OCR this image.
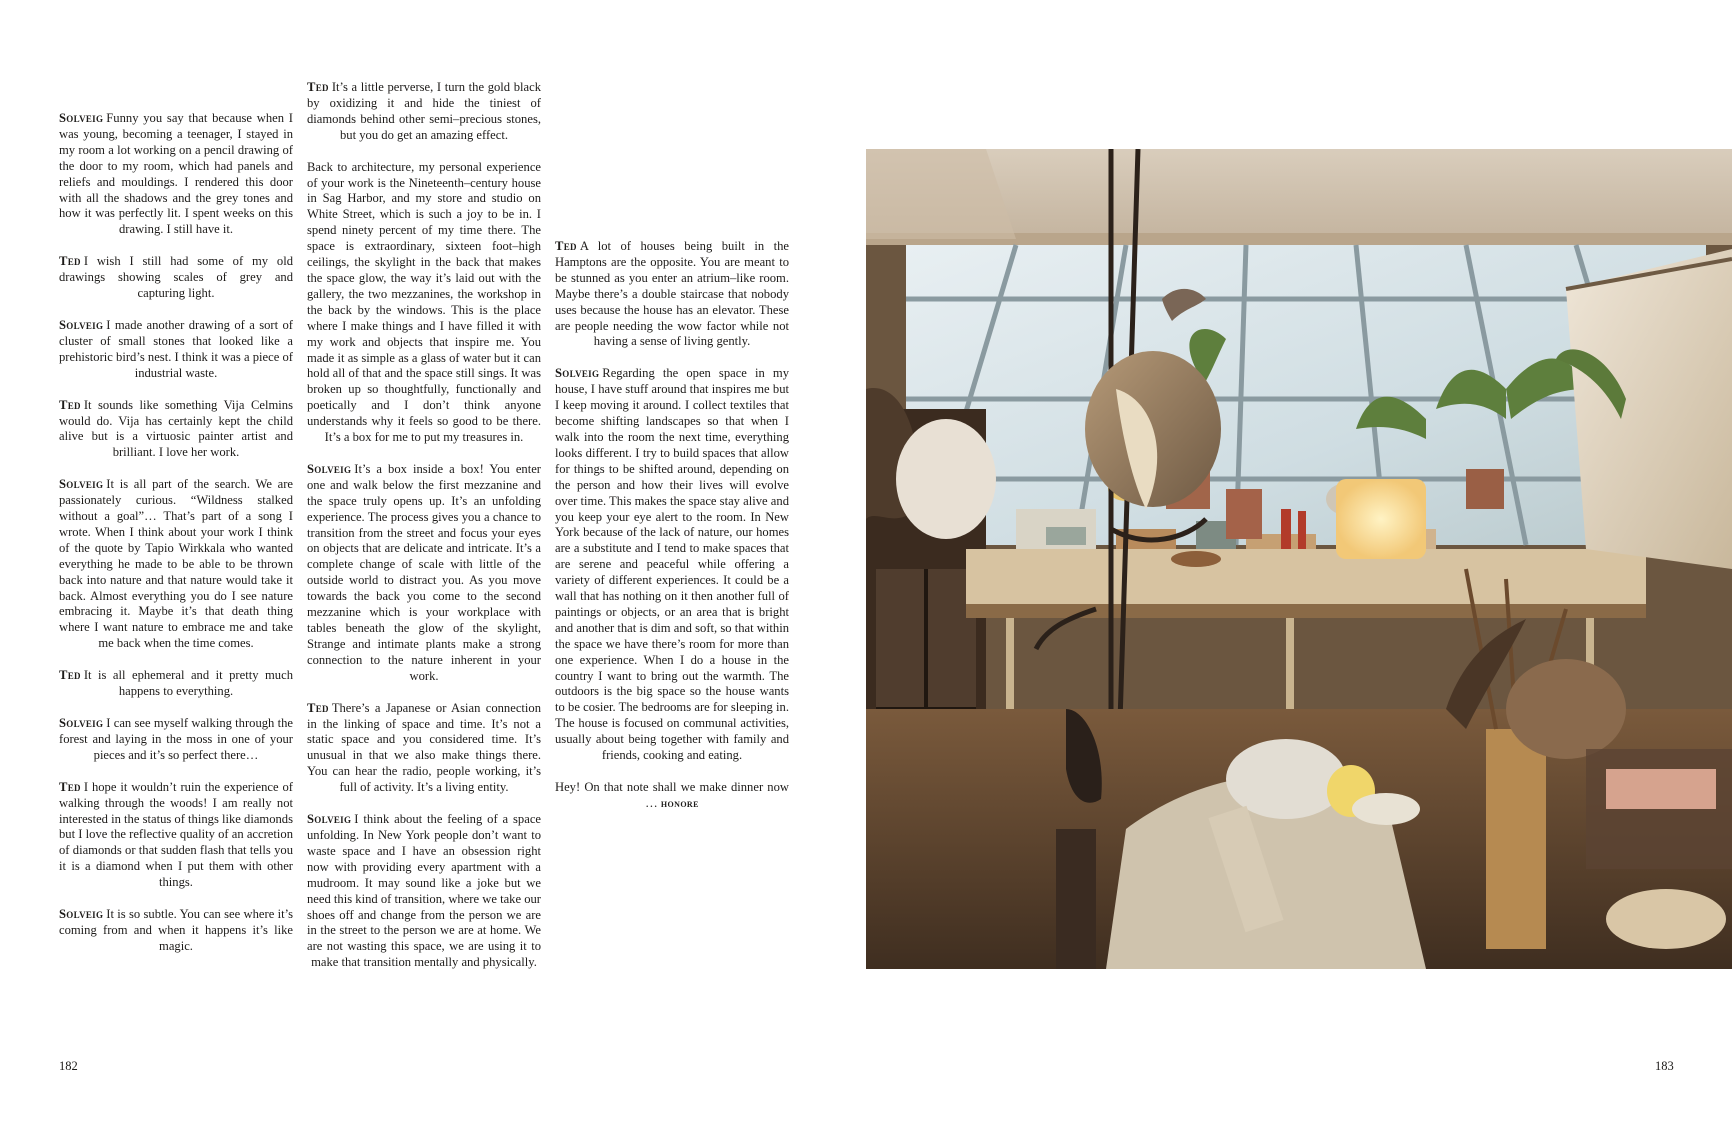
Solveig Funny you say that because when I was young, becoming a teenager, I stayed in my room a lot working on a pencil drawing of the door to my room, which had panels and reliefs and mouldings. I rendered this door with all the shadows and the grey tones and how it was perfectly lit. I spent weeks on this drawing. I still have it.

Ted I wish I still had some of my old drawings showing scales of grey and capturing light.

Solveig I made another drawing of a sort of cluster of small stones that looked like a prehistoric bird’s nest. I think it was a piece of industrial waste.

Ted It sounds like something Vija Celmins would do. Vija has certainly kept the child alive but is a virtuosic painter artist and brilliant. I love her work.

Solveig It is all part of the search. We are passionately curious. “Wildness stalked without a goal”… That’s part of a song I wrote. When I think about your work I think of the quote by Tapio Wirkkala who wanted everything he made to be able to be thrown back into nature and that nature would take it back. Almost everything you do I see nature embracing it. Maybe it’s that death thing where I want nature to embrace me and take me back when the time comes.

Ted It is all ephemeral and it pretty much happens to everything.

Solveig I can see myself walking through the forest and laying in the moss in one of your pieces and it’s so perfect there…

Ted I hope it wouldn’t ruin the experience of walking through the woods! I am really not interested in the status of things like diamonds but I love the reflective quality of an accretion of diamonds or that sudden flash that tells you it is a diamond when I put them with other things.

Solveig It is so subtle. You can see where it’s coming from and when it happens it’s like magic.

Ted It’s a little perverse, I turn the gold black by oxidizing it and hide the tiniest of diamonds behind other semi–precious stones, but you do get an amazing effect.

Back to architecture, my personal experience of your work is the Nineteenth–century house in Sag Harbor, and my store and studio on White Street, which is such a joy to be in. I spend ninety percent of my time there. The space is extraordinary, sixteen foot–high ceilings, the skylight in the back that makes the space glow, the way it’s laid out with the gallery, the two mezzanines, the workshop in the back by the windows. This is the place where I make things and I have filled it with my work and objects that inspire me. You made it as simple as a glass of water but it can hold all of that and the space still sings. It was broken up so thoughtfully, functionally and poetically and I don’t think anyone understands why it feels so good to be there. It’s a box for me to put my treasures in.

Solveig It’s a box inside a box! You enter one and walk below the first mezzanine and the space truly opens up. It’s an unfolding experience. The process gives you a chance to transition from the street and focus your eyes on objects that are delicate and intricate. It’s a complete change of scale with little of the outside world to distract you. As you move towards the back you come to the second mezzanine which is your workplace with tables beneath the glow of the skylight, Strange and intimate plants make a strong connection to the nature inherent in your work.

Ted There’s a Japanese or Asian connection in the linking of space and time. It’s not a static space and you considered time. It’s unusual in that we also make things there. You can hear the radio, people working, it’s full of activity. It’s a living entity.

Solveig I think about the feeling of a space unfolding. In New York people don’t want to waste space and I have an obsession right now with providing every apartment with a mudroom. It may sound like a joke but we need this kind of transition, where we take our shoes off and change from the person we are in the street to the person we are at home. We are not wasting this space, we are using it to make that transition mentally and physically.

Ted A lot of houses being built in the Hamptons are the opposite. You are meant to be stunned as you enter an atrium–like room. Maybe there’s a double staircase that nobody uses because the house has an elevator. These are people needing the wow factor while not having a sense of living gently.

Solveig Regarding the open space in my house, I have stuff around that inspires me but I keep moving it around. I collect textiles that become shifting landscapes so that when I walk into the room the next time, everything looks different. I try to build spaces that allow for things to be shifted around, depending on the person and how their lives will evolve over time. This makes the space stay alive and you keep your eye alert to the room. In New York because of the lack of nature, our homes are a substitute and I tend to make spaces that are serene and peaceful while offering a variety of different experiences. It could be a wall that has nothing on it then another full of paintings or objects, or an area that is bright and another that is dim and soft, so that within the space we have there’s room for more than one experience. When I do a house in the country I want to bring out the warmth. The outdoors is the big space so the house wants to be cosier. The bedrooms are for sleeping in. The house is focused on communal activities, usually about being together with family and friends, cooking and eating.

Hey! On that note shall we make dinner now … honore

182	183
